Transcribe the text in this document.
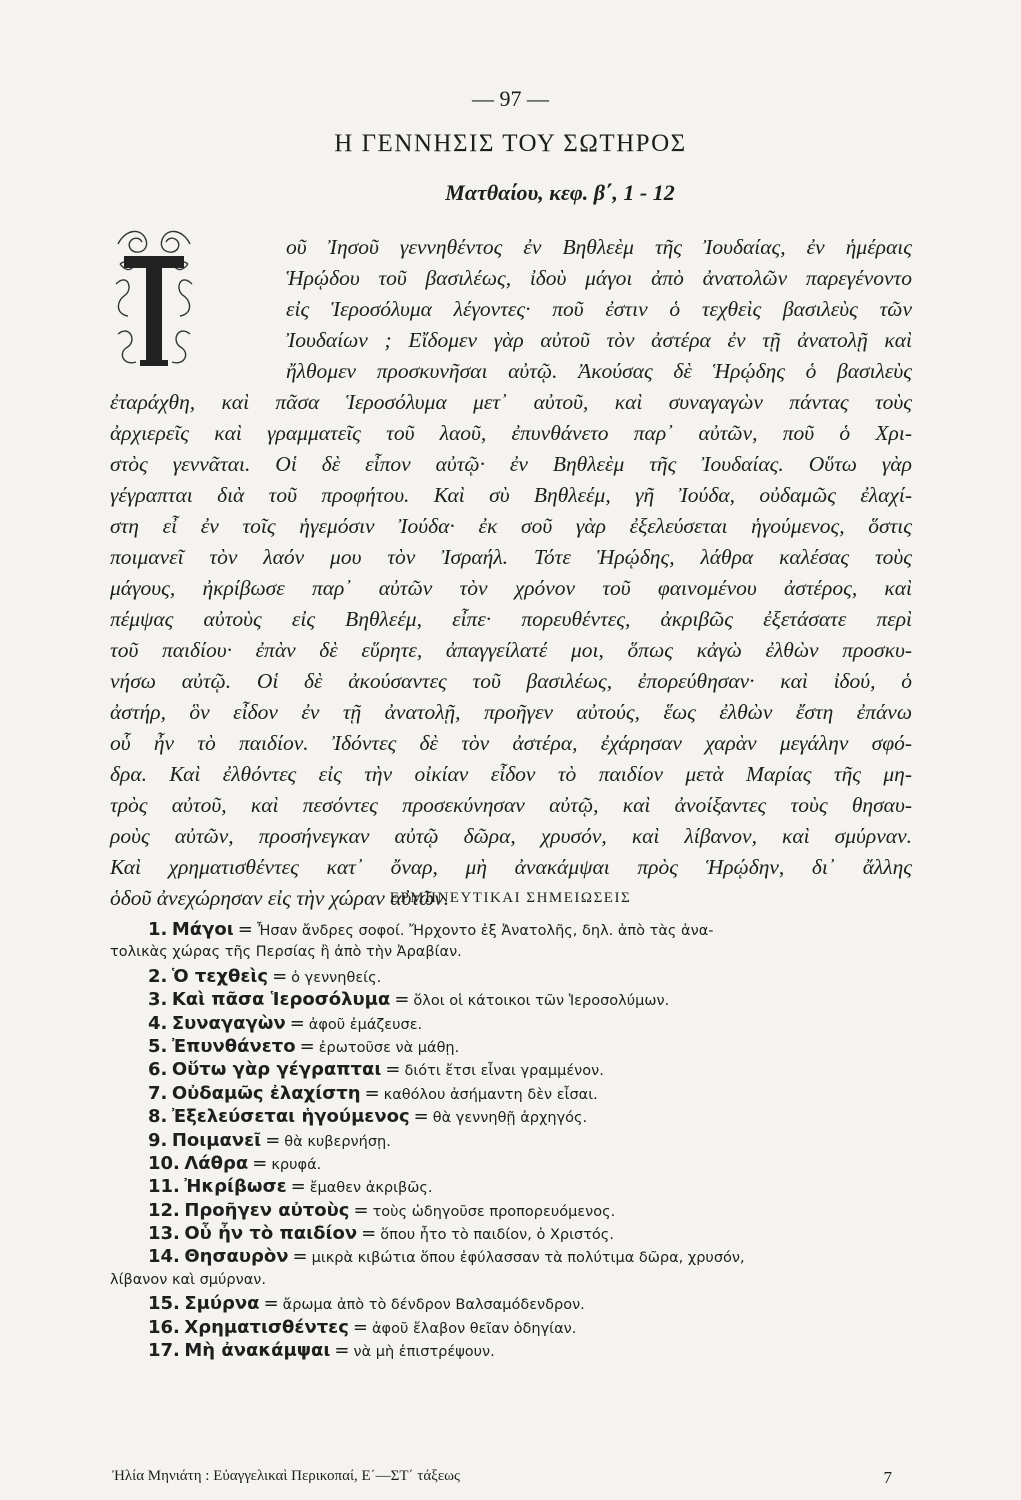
— 97 —
Η ΓΕΝΝΗΣΙΣ ΤΟΥ ΣΩΤΗΡΟΣ
Ματθαίου, κεφ. β΄, 1 - 12
οῦ Ἰησοῦ γεννηθέντος ἐν Βηθλεὲμ τῆς Ἰουδαίας, ἐν ἡμέραις
Ἡρῴδου τοῦ βασιλέως, ἰδοὺ μάγοι ἀπὸ ἀνατολῶν παρεγένοντο
εἰς Ἱεροσόλυμα λέγοντες· ποῦ ἐστιν ὁ τεχθεὶς βασιλεὺς τῶν
Ἰουδαίων ; Εἴδομεν γὰρ αὐτοῦ τὸν ἀστέρα ἐν τῇ ἀνατολῇ καὶ
ἤλθομεν προσκυνῆσαι αὐτῷ. Ἀκούσας δὲ Ἡρῴδης ὁ βασιλεὺς
ἐταράχθη, καὶ πᾶσα Ἱεροσόλυμα μετ᾿ αὐτοῦ, καὶ συναγαγὼν πάντας τοὺς
ἀρχιερεῖς καὶ γραμματεῖς τοῦ λαοῦ, ἐπυνθάνετο παρ᾿ αὐτῶν, ποῦ ὁ Χρι-
στὸς γεννᾶται. Οἱ δὲ εἶπον αὐτῷ· ἐν Βηθλεὲμ τῆς Ἰουδαίας. Οὕτω γὰρ
γέγραπται διὰ τοῦ προφήτου. Καὶ σὺ Βηθλεέμ, γῆ Ἰούδα, οὐδαμῶς ἐλαχί-
στη εἶ ἐν τοῖς ἡγεμόσιν Ἰούδα· ἐκ σοῦ γὰρ ἐξελεύσεται ἡγούμενος, ὅστις
ποιμανεῖ τὸν λαόν μου τὸν Ἰσραήλ. Τότε Ἡρῴδης, λάθρα καλέσας τοὺς
μάγους, ἠκρίβωσε παρ᾿ αὐτῶν τὸν χρόνον τοῦ φαινομένου ἀστέρος, καὶ
πέμψας αὐτοὺς εἰς Βηθλεέμ, εἶπε· πορευθέντες, ἀκριβῶς ἐξετάσατε περὶ
τοῦ παιδίου· ἐπὰν δὲ εὕρητε, ἀπαγγείλατέ μοι, ὅπως κἀγὼ ἐλθὼν προσκυ-
νήσω αὐτῷ. Οἱ δὲ ἀκούσαντες τοῦ βασιλέως, ἐπορεύθησαν· καὶ ἰδού, ὁ
ἀστήρ, ὃν εἶδον ἐν τῇ ἀνατολῇ, προῆγεν αὐτούς, ἕως ἐλθὼν ἔστη ἐπάνω
οὗ ἦν τὸ παιδίον. Ἰδόντες δὲ τὸν ἀστέρα, ἐχάρησαν χαρὰν μεγάλην σφό-
δρα. Καὶ ἐλθόντες εἰς τὴν οἰκίαν εἶδον τὸ παιδίον μετὰ Μαρίας τῆς μη-
τρὸς αὐτοῦ, καὶ πεσόντες προσεκύνησαν αὐτῷ, καὶ ἀνοίξαντες τοὺς θησαυ-
ροὺς αὐτῶν, προσήνεγκαν αὐτῷ δῶρα, χρυσόν, καὶ λίβανον, καὶ σμύρναν.
Καὶ χρηματισθέντες κατ᾿ ὄναρ, μὴ ἀνακάμψαι πρὸς Ἡρῴδην, δι᾿ ἄλλης
ὁδοῦ ἀνεχώρησαν εἰς τὴν χώραν αὐτῶν.
ΕΡΜΗΝΕΥΤΙΚΑΙ ΣΗΜΕΙΩΣΕΙΣ
1. Μάγοι = Ἦσαν ἄνδρες σοφοί. Ἤρχοντο ἐξ Ἀνατολῆς, δηλ. ἀπὸ τὰς ἀνα-
τολικὰς χώρας τῆς Περσίας ἢ ἀπὸ τὴν Ἀραβίαν.
2. Ὁ τεχθεὶς = ὁ γεννηθείς.
3. Καὶ πᾶσα Ἱεροσόλυμα = ὅλοι οἱ κάτοικοι τῶν Ἱεροσολύμων.
4. Συναγαγὼν = ἀφοῦ ἐμάζευσε.
5. Ἐπυνθάνετο = ἐρωτοῦσε νὰ μάθῃ.
6. Οὕτω γὰρ γέγραπται = διότι ἔτσι εἶναι γραμμένον.
7. Οὐδαμῶς ἐλαχίστη = καθόλου ἀσήμαντη δὲν εἶσαι.
8. Ἐξελεύσεται ἡγούμενος = θὰ γεννηθῇ ἀρχηγός.
9. Ποιμανεῖ = θὰ κυβερνήσῃ.
10. Λάθρα = κρυφά.
11. Ἠκρίβωσε = ἔμαθεν ἀκριβῶς.
12. Προῆγεν αὐτοὺς = τοὺς ὡδηγοῦσε προπορευόμενος.
13. Οὗ ἦν τὸ παιδίον = ὅπου ἦτο τὸ παιδίον, ὁ Χριστός.
14. Θησαυρὸν = μικρὰ κιβώτια ὅπου ἐφύλασσαν τὰ πολύτιμα δῶρα, χρυσόν,
λίβανον καὶ σμύρναν.
15. Σμύρνα = ἄρωμα ἀπὸ τὸ δένδρον Βαλσαμόδενδρον.
16. Χρηματισθέντες = ἀφοῦ ἔλαβον θεῖαν ὁδηγίαν.
17. Μὴ ἀνακάμψαι = νὰ μὴ ἐπιστρέψουν.
Ἠλία Μηνιάτη : Εὐαγγελικαὶ Περικοπαί, Ε΄—ΣΤ΄ τάξεως	7
